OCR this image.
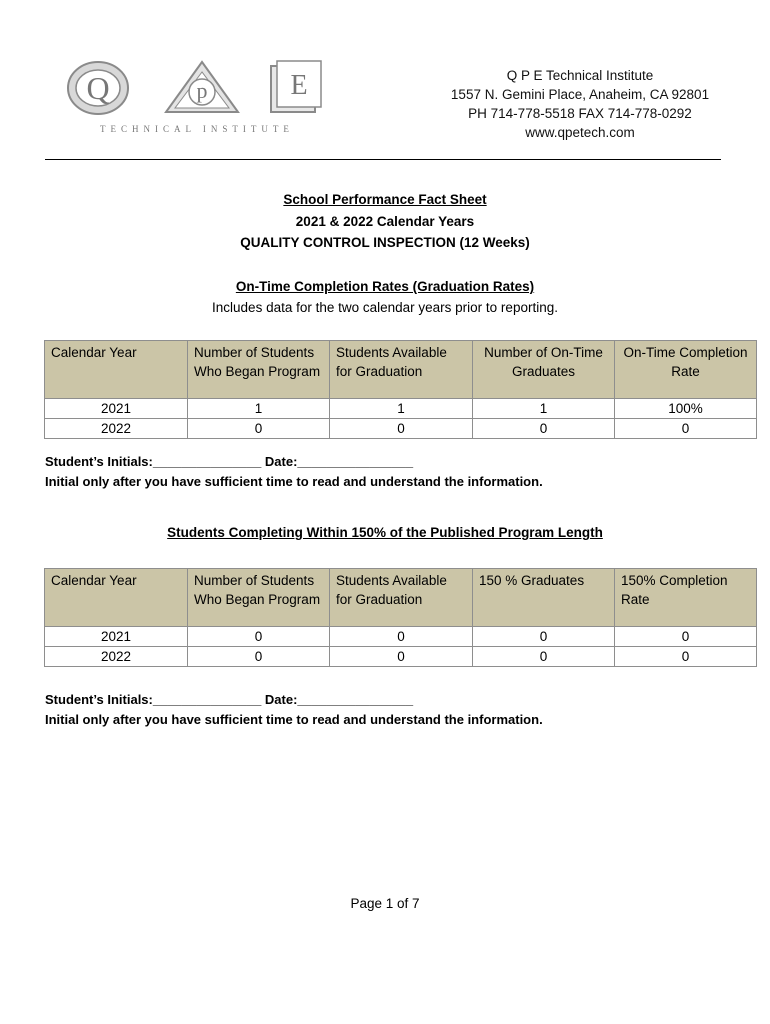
Q	p	E
TECHNICAL INSTITUTE
Q P E Technical Institute
1557 N. Gemini Place, Anaheim, CA 92801
PH 714-778-5518 FAX 714-778-0292
www.qpetech.com
School Performance Fact Sheet
2021 & 2022 Calendar Years
QUALITY CONTROL INSPECTION (12 Weeks)
On-Time Completion Rates (Graduation Rates)
Includes data for the two calendar years prior to reporting.
Calendar Year	Number of Students Who Began Program	Students Available for Graduation	Number of On-Time Graduates	On-Time Completion Rate
2021	1	1	1	100%
2022	0	0	0	0
Student’s Initials:_______________ Date:________________
Initial only after you have sufficient time to read and understand the information.
Students Completing Within 150% of the Published Program Length
Calendar Year	Number of Students Who Began Program	Students Available for Graduation	150 % Graduates	150% Completion Rate
2021	0	0	0	0
2022	0	0	0	0
Student’s Initials:_______________ Date:________________
Initial only after you have sufficient time to read and understand the information.
Page 1 of 7
